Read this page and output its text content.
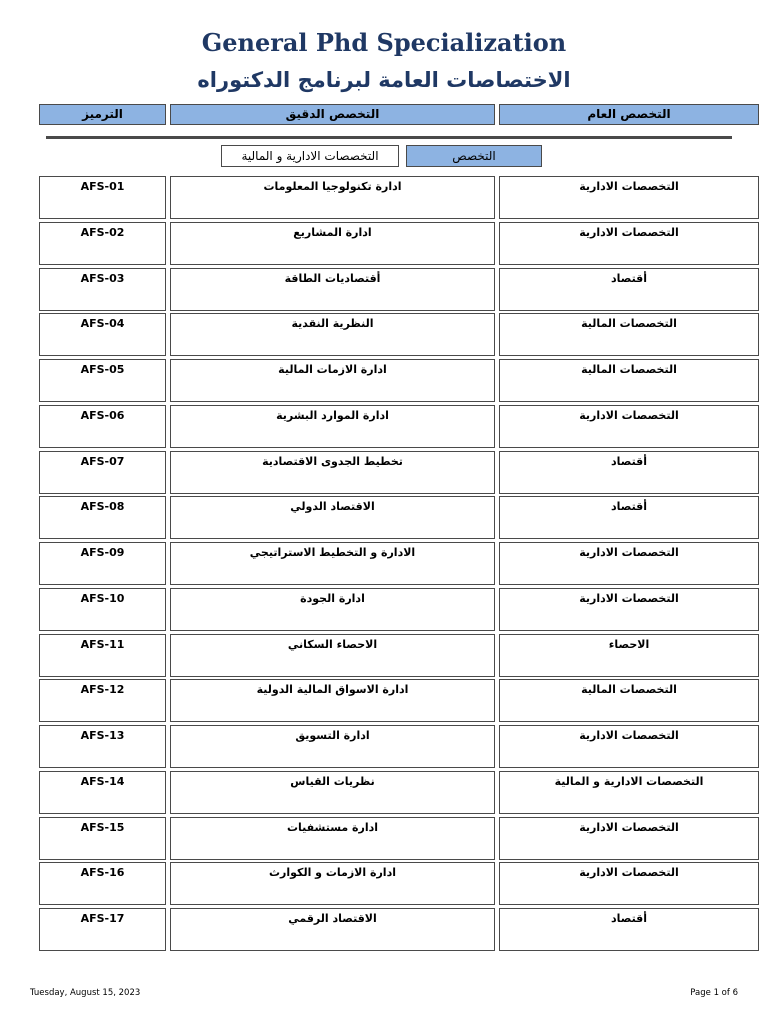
General Phd Specialization
الاختصاصات العامة لبرنامج الدكتوراه
الترميز	التخصص الدقيق	التخصص العام
التخصص
التخصصات الادارية و المالية
AFS-01	ادارة تكنولوجيا المعلومات	التخصصات الادارية
AFS-02	ادارة المشاريع	التخصصات الادارية
AFS-03	أقتصاديات الطاقة	أقتصاد
AFS-04	النظرية النقدية	التخصصات المالية
AFS-05	ادارة الازمات المالية	التخصصات المالية
AFS-06	ادارة الموارد البشرية	التخصصات الادارية
AFS-07	تخطيط الجدوى الاقتصادية	أقتصاد
AFS-08	الاقتصاد الدولي	أقتصاد
AFS-09	الادارة و التخطيط الاستراتيجي	التخصصات الادارية
AFS-10	ادارة الجودة	التخصصات الادارية
AFS-11	الاحصاء السكاني	الاحصاء
AFS-12	ادارة الاسواق المالية الدولية	التخصصات المالية
AFS-13	ادارة التسويق	التخصصات الادارية
AFS-14	نظريات القياس	التخصصات الادارية و المالية
AFS-15	ادارة مستشفيات	التخصصات الادارية
AFS-16	ادارة الازمات و الكوارث	التخصصات الادارية
AFS-17	الاقتصاد الرقمي	أقتصاد
Tuesday, August 15, 2023	Page 1 of 6
